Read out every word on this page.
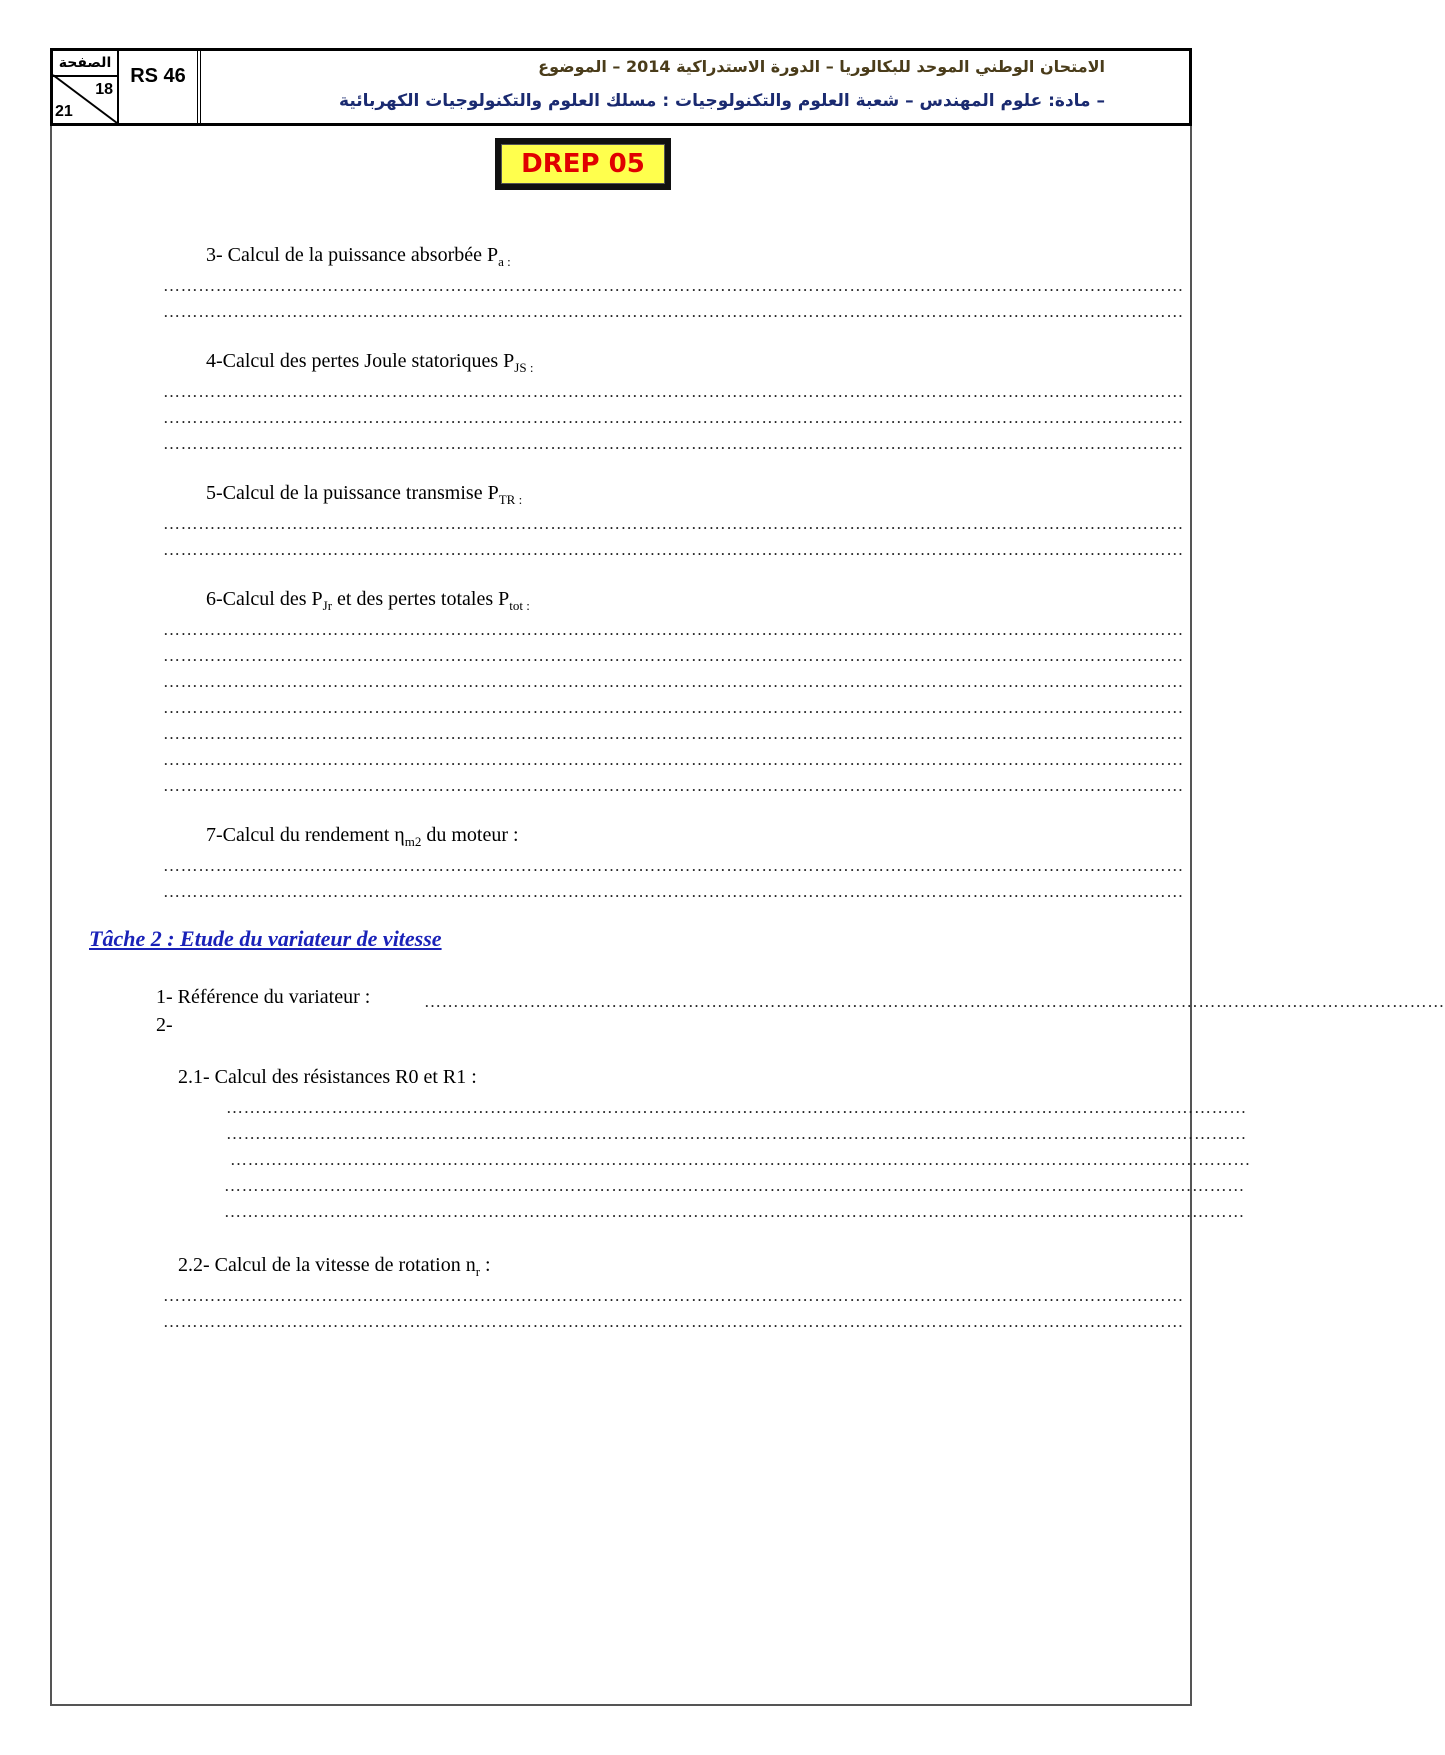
الصفحة
18
21
RS 46	الامتحان الوطني الموحد للبكالوريا – الدورة الاستدراكية 2014 – الموضوع
– مادة: علوم المهندس – شعبة العلوم والتكنولوجيات : مسلك العلوم والتكنولوجيات الكهربائية
DREP 05
3- Calcul de la puissance absorbée $P_{a :}$
…………………………………………………………………………………………………………………………………………………………
…………………………………………………………………………………………………………………………………………………………
4-Calcul des pertes Joule statoriques $P_{JS :}$
…………………………………………………………………………………………………………………………………………………………
…………………………………………………………………………………………………………………………………………………………
…………………………………………………………………………………………………………………………………………………………
5-Calcul de la puissance transmise $P_{TR :}$
…………………………………………………………………………………………………………………………………………………………
…………………………………………………………………………………………………………………………………………………………
6-Calcul des $P_{Jr}$ et des pertes totales $P_{tot}$ $_:$
…………………………………………………………………………………………………………………………………………………………
…………………………………………………………………………………………………………………………………………………………
…………………………………………………………………………………………………………………………………………………………
…………………………………………………………………………………………………………………………………………………………
…………………………………………………………………………………………………………………………………………………………
…………………………………………………………………………………………………………………………………………………………
…………………………………………………………………………………………………………………………………………………………
7-Calcul du rendement $\eta_{m2}$ du moteur :
…………………………………………………………………………………………………………………………………………………………
…………………………………………………………………………………………………………………………………………………………
Tâche 2 : Etude du variateur de vitesse
1- Référence du variateur :	…………………………………………………………………………………………………………………………………………………………
2-
2.1- Calcul des résistances R0 et R1 :
…………………………………………………………………………………………………………………………………………………………
…………………………………………………………………………………………………………………………………………………………
…………………………………………………………………………………………………………………………………………………………
…………………………………………………………………………………………………………………………………………………………
…………………………………………………………………………………………………………………………………………………………
2.2- Calcul de la vitesse de rotation $n_r$ :
…………………………………………………………………………………………………………………………………………………………
…………………………………………………………………………………………………………………………………………………………
